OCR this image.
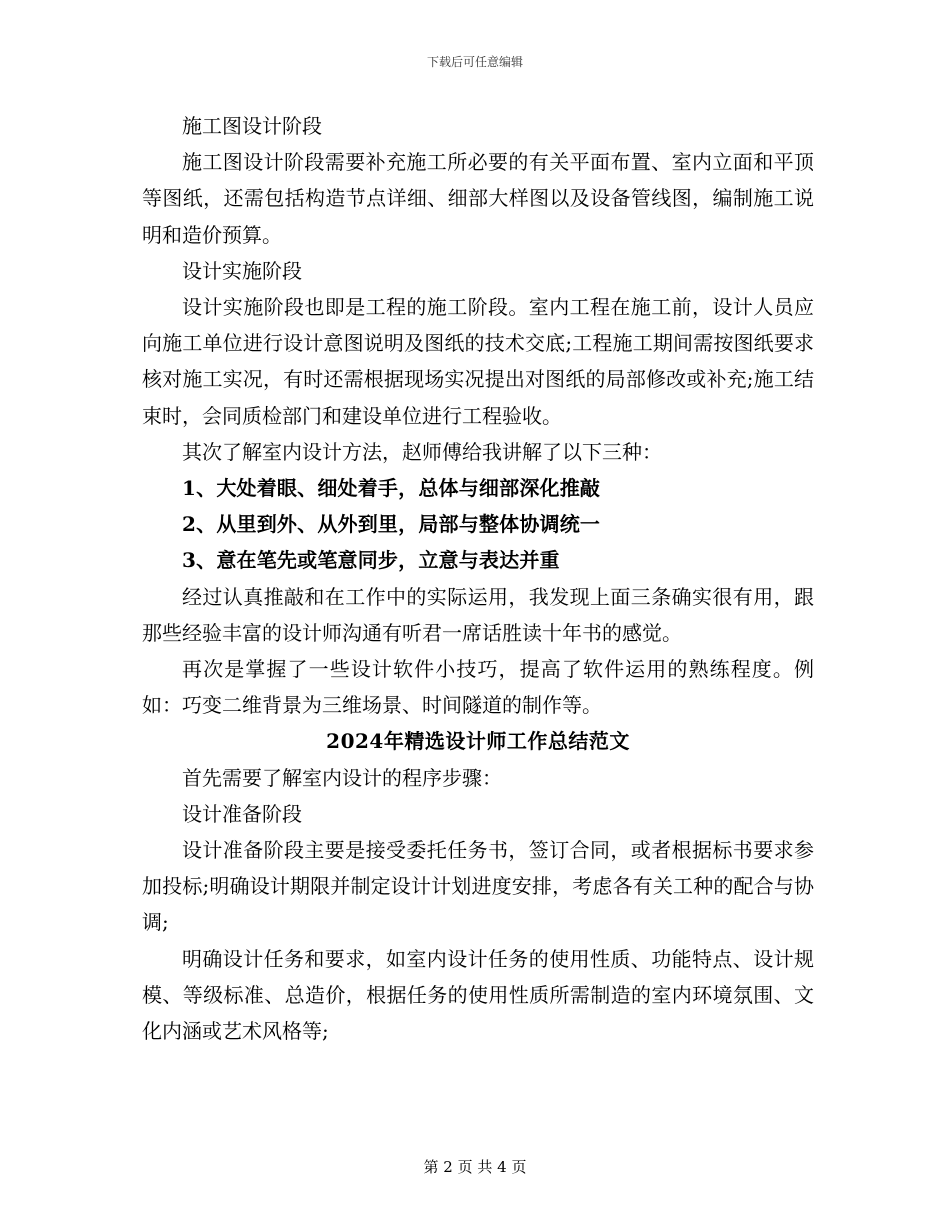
下载后可任意编辑

施工图设计阶段

施工图设计阶段需要补充施工所必要的有关平面布置、室内立面和平顶等图纸，还需包括构造节点详细、细部大样图以及设备管线图，编制施工说明和造价预算。

设计实施阶段

设计实施阶段也即是工程的施工阶段。室内工程在施工前，设计人员应向施工单位进行设计意图说明及图纸的技术交底;工程施工期间需按图纸要求核对施工实况，有时还需根据现场实况提出对图纸的局部修改或补充;施工结束时，会同质检部门和建设单位进行工程验收。

其次了解室内设计方法，赵师傅给我讲解了以下三种：

1、大处着眼、细处着手，总体与细部深化推敲

2、从里到外、从外到里，局部与整体协调统一

3、意在笔先或笔意同步，立意与表达并重

经过认真推敲和在工作中的实际运用，我发现上面三条确实很有用，跟那些经验丰富的设计师沟通有听君一席话胜读十年书的感觉。

再次是掌握了一些设计软件小技巧，提高了软件运用的熟练程度。例如：巧变二维背景为三维场景、时间隧道的制作等。

2024年精选设计师工作总结范文

首先需要了解室内设计的程序步骤：

设计准备阶段

设计准备阶段主要是接受委托任务书，签订合同，或者根据标书要求参加投标;明确设计期限并制定设计计划进度安排，考虑各有关工种的配合与协调;

明确设计任务和要求，如室内设计任务的使用性质、功能特点、设计规模、等级标准、总造价，根据任务的使用性质所需制造的室内环境氛围、文化内涵或艺术风格等;

第 2 页 共 4 页
